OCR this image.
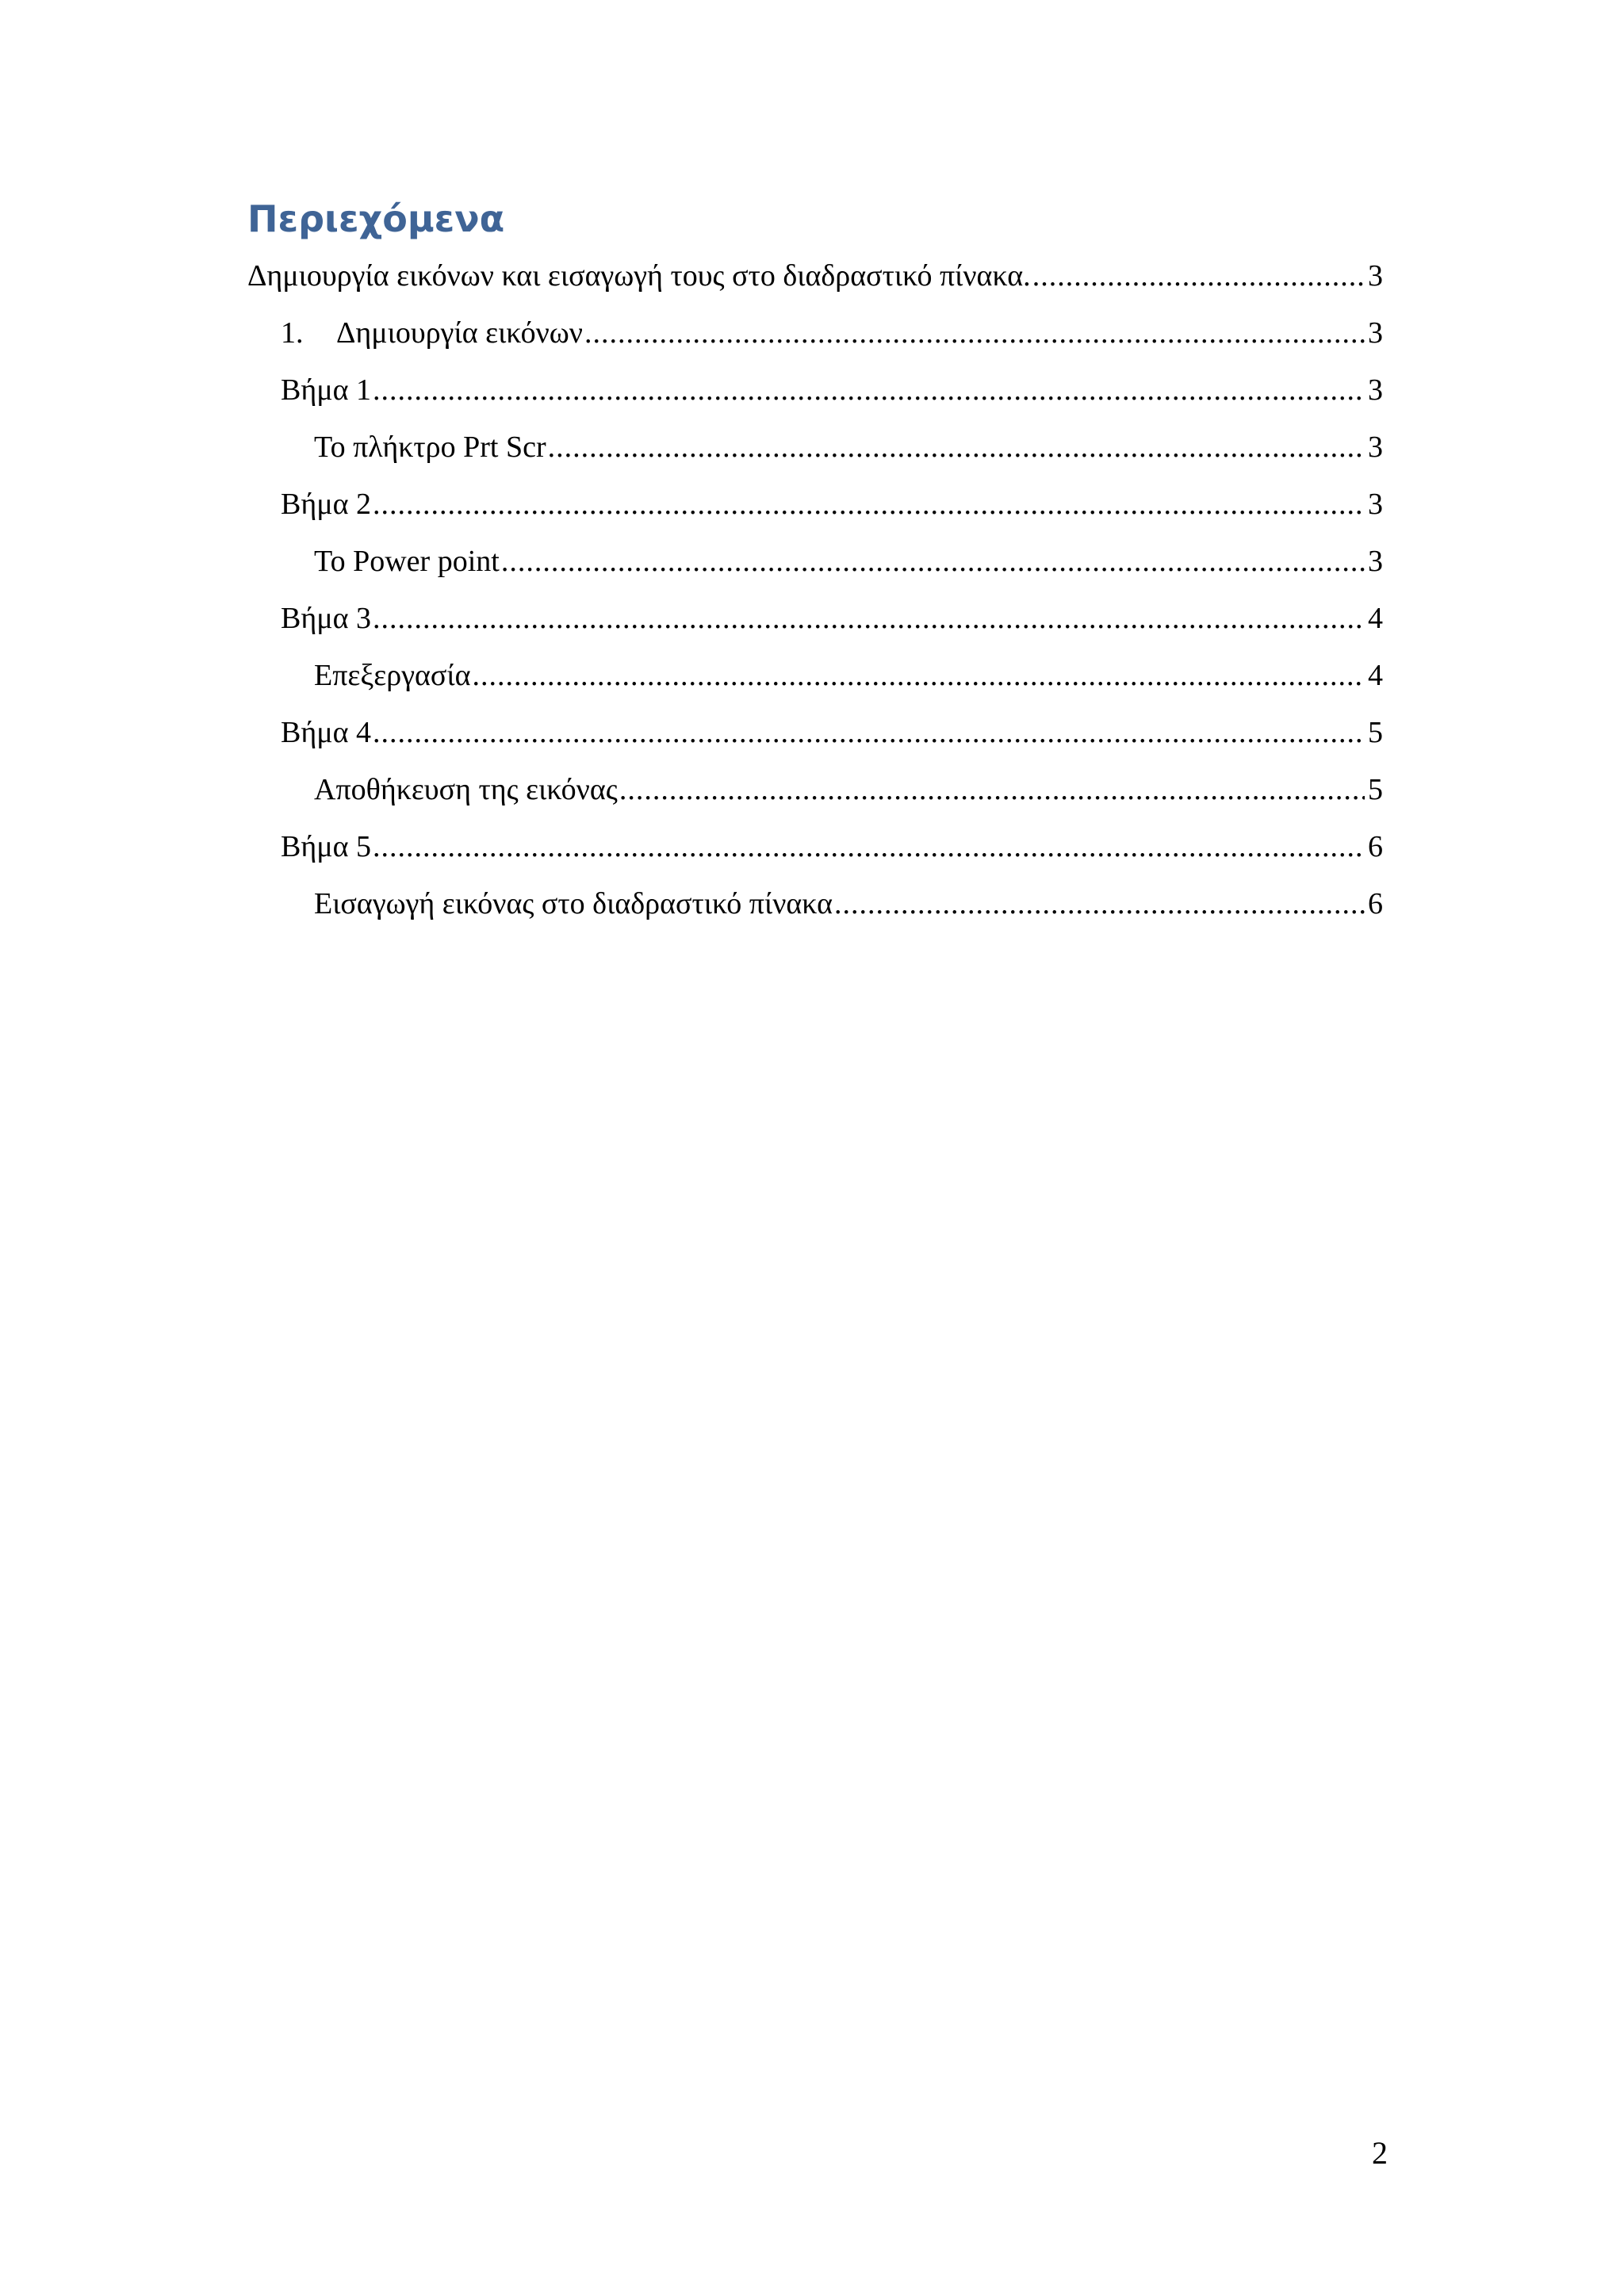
Περιεχόμενα
Δημιουργία εικόνων και εισαγωγή τους στο διαδραστικό πίνακα. .....	3
1.	Δημιουργία εικόνων .....	3
Βήμα 1 .....	3
Το πλήκτρο Prt Scr .....	3
Βήμα 2 .....	3
Το Power point .....	3
Βήμα 3 .....	4
Επεξεργασία .....	4
Βήμα 4 .....	5
Αποθήκευση της εικόνας .....	5
Βήμα 5 .....	6
Εισαγωγή εικόνας στο διαδραστικό πίνακα .....	6
2
